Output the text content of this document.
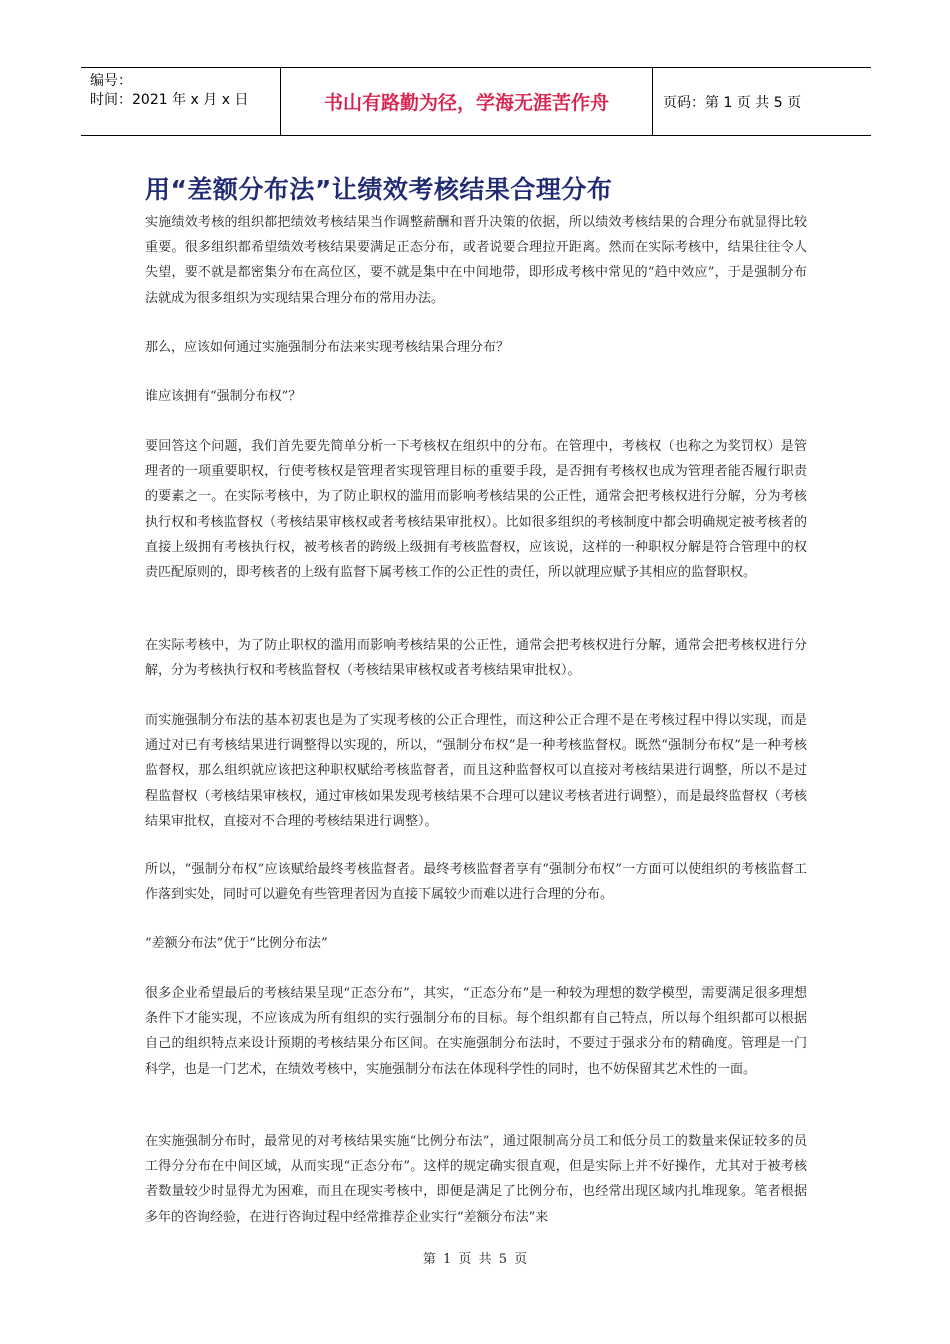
编号：
时间：2021 年 x 月 x 日	书山有路勤为径，学海无涯苦作舟	页码：第 1 页 共 5 页
用“差额分布法”让绩效考核结果合理分布

实施绩效考核的组织都把绩效考核结果当作调整薪酬和晋升决策的依据，所以绩效考核结果的合理分布就显得比较重要。很多组织都希望绩效考核结果要满足正态分布，或者说要合理拉开距离。然而在实际考核中，结果往往令人失望，要不就是都密集分布在高位区，要不就是集中在中间地带，即形成考核中常见的“趋中效应”，于是强制分布法就成为很多组织为实现结果合理分布的常用办法。

那么，应该如何通过实施强制分布法来实现考核结果合理分布？

谁应该拥有“强制分布权”？

要回答这个问题，我们首先要先简单分析一下考核权在组织中的分布。在管理中，考核权（也称之为奖罚权）是管理者的一项重要职权，行使考核权是管理者实现管理目标的重要手段，是否拥有考核权也成为管理者能否履行职责的要素之一。在实际考核中，为了防止职权的滥用而影响考核结果的公正性，通常会把考核权进行分解，分为考核执行权和考核监督权（考核结果审核权或者考核结果审批权）。比如很多组织的考核制度中都会明确规定被考核者的直接上级拥有考核执行权，被考核者的跨级上级拥有考核监督权，应该说，这样的一种职权分解是符合管理中的权责匹配原则的，即考核者的上级有监督下属考核工作的公正性的责任，所以就理应赋予其相应的监督职权。

在实际考核中，为了防止职权的滥用而影响考核结果的公正性，通常会把考核权进行分解，通常会把考核权进行分解，分为考核执行权和考核监督权（考核结果审核权或者考核结果审批权）。

而实施强制分布法的基本初衷也是为了实现考核的公正合理性，而这种公正合理不是在考核过程中得以实现，而是通过对已有考核结果进行调整得以实现的，所以，“强制分布权”是一种考核监督权。既然“强制分布权”是一种考核监督权，那么组织就应该把这种职权赋给考核监督者，而且这种监督权可以直接对考核结果进行调整，所以不是过程监督权（考核结果审核权，通过审核如果发现考核结果不合理可以建议考核者进行调整），而是最终监督权（考核结果审批权，直接对不合理的考核结果进行调整）。

所以，“强制分布权”应该赋给最终考核监督者。最终考核监督者享有“强制分布权”一方面可以使组织的考核监督工作落到实处，同时可以避免有些管理者因为直接下属较少而难以进行合理的分布。

“差额分布法”优于“比例分布法”

很多企业希望最后的考核结果呈现“正态分布”，其实，“正态分布”是一种较为理想的数学模型，需要满足很多理想条件下才能实现，不应该成为所有组织的实行强制分布的目标。每个组织都有自己特点，所以每个组织都可以根据自己的组织特点来设计预期的考核结果分布区间。在实施强制分布法时，不要过于强求分布的精确度。管理是一门科学，也是一门艺术，在绩效考核中，实施强制分布法在体现科学性的同时，也不妨保留其艺术性的一面。

在实施强制分布时，最常见的对考核结果实施“比例分布法”，通过限制高分员工和低分员工的数量来保证较多的员工得分分布在中间区域，从而实现“正态分布”。这样的规定确实很直观，但是实际上并不好操作，尤其对于被考核者数量较少时显得尤为困难，而且在现实考核中，即便是满足了比例分布，也经常出现区域内扎堆现象。笔者根据多年的咨询经验，在进行咨询过程中经常推荐企业实行“差额分布法”来

第 1 页 共 5 页
